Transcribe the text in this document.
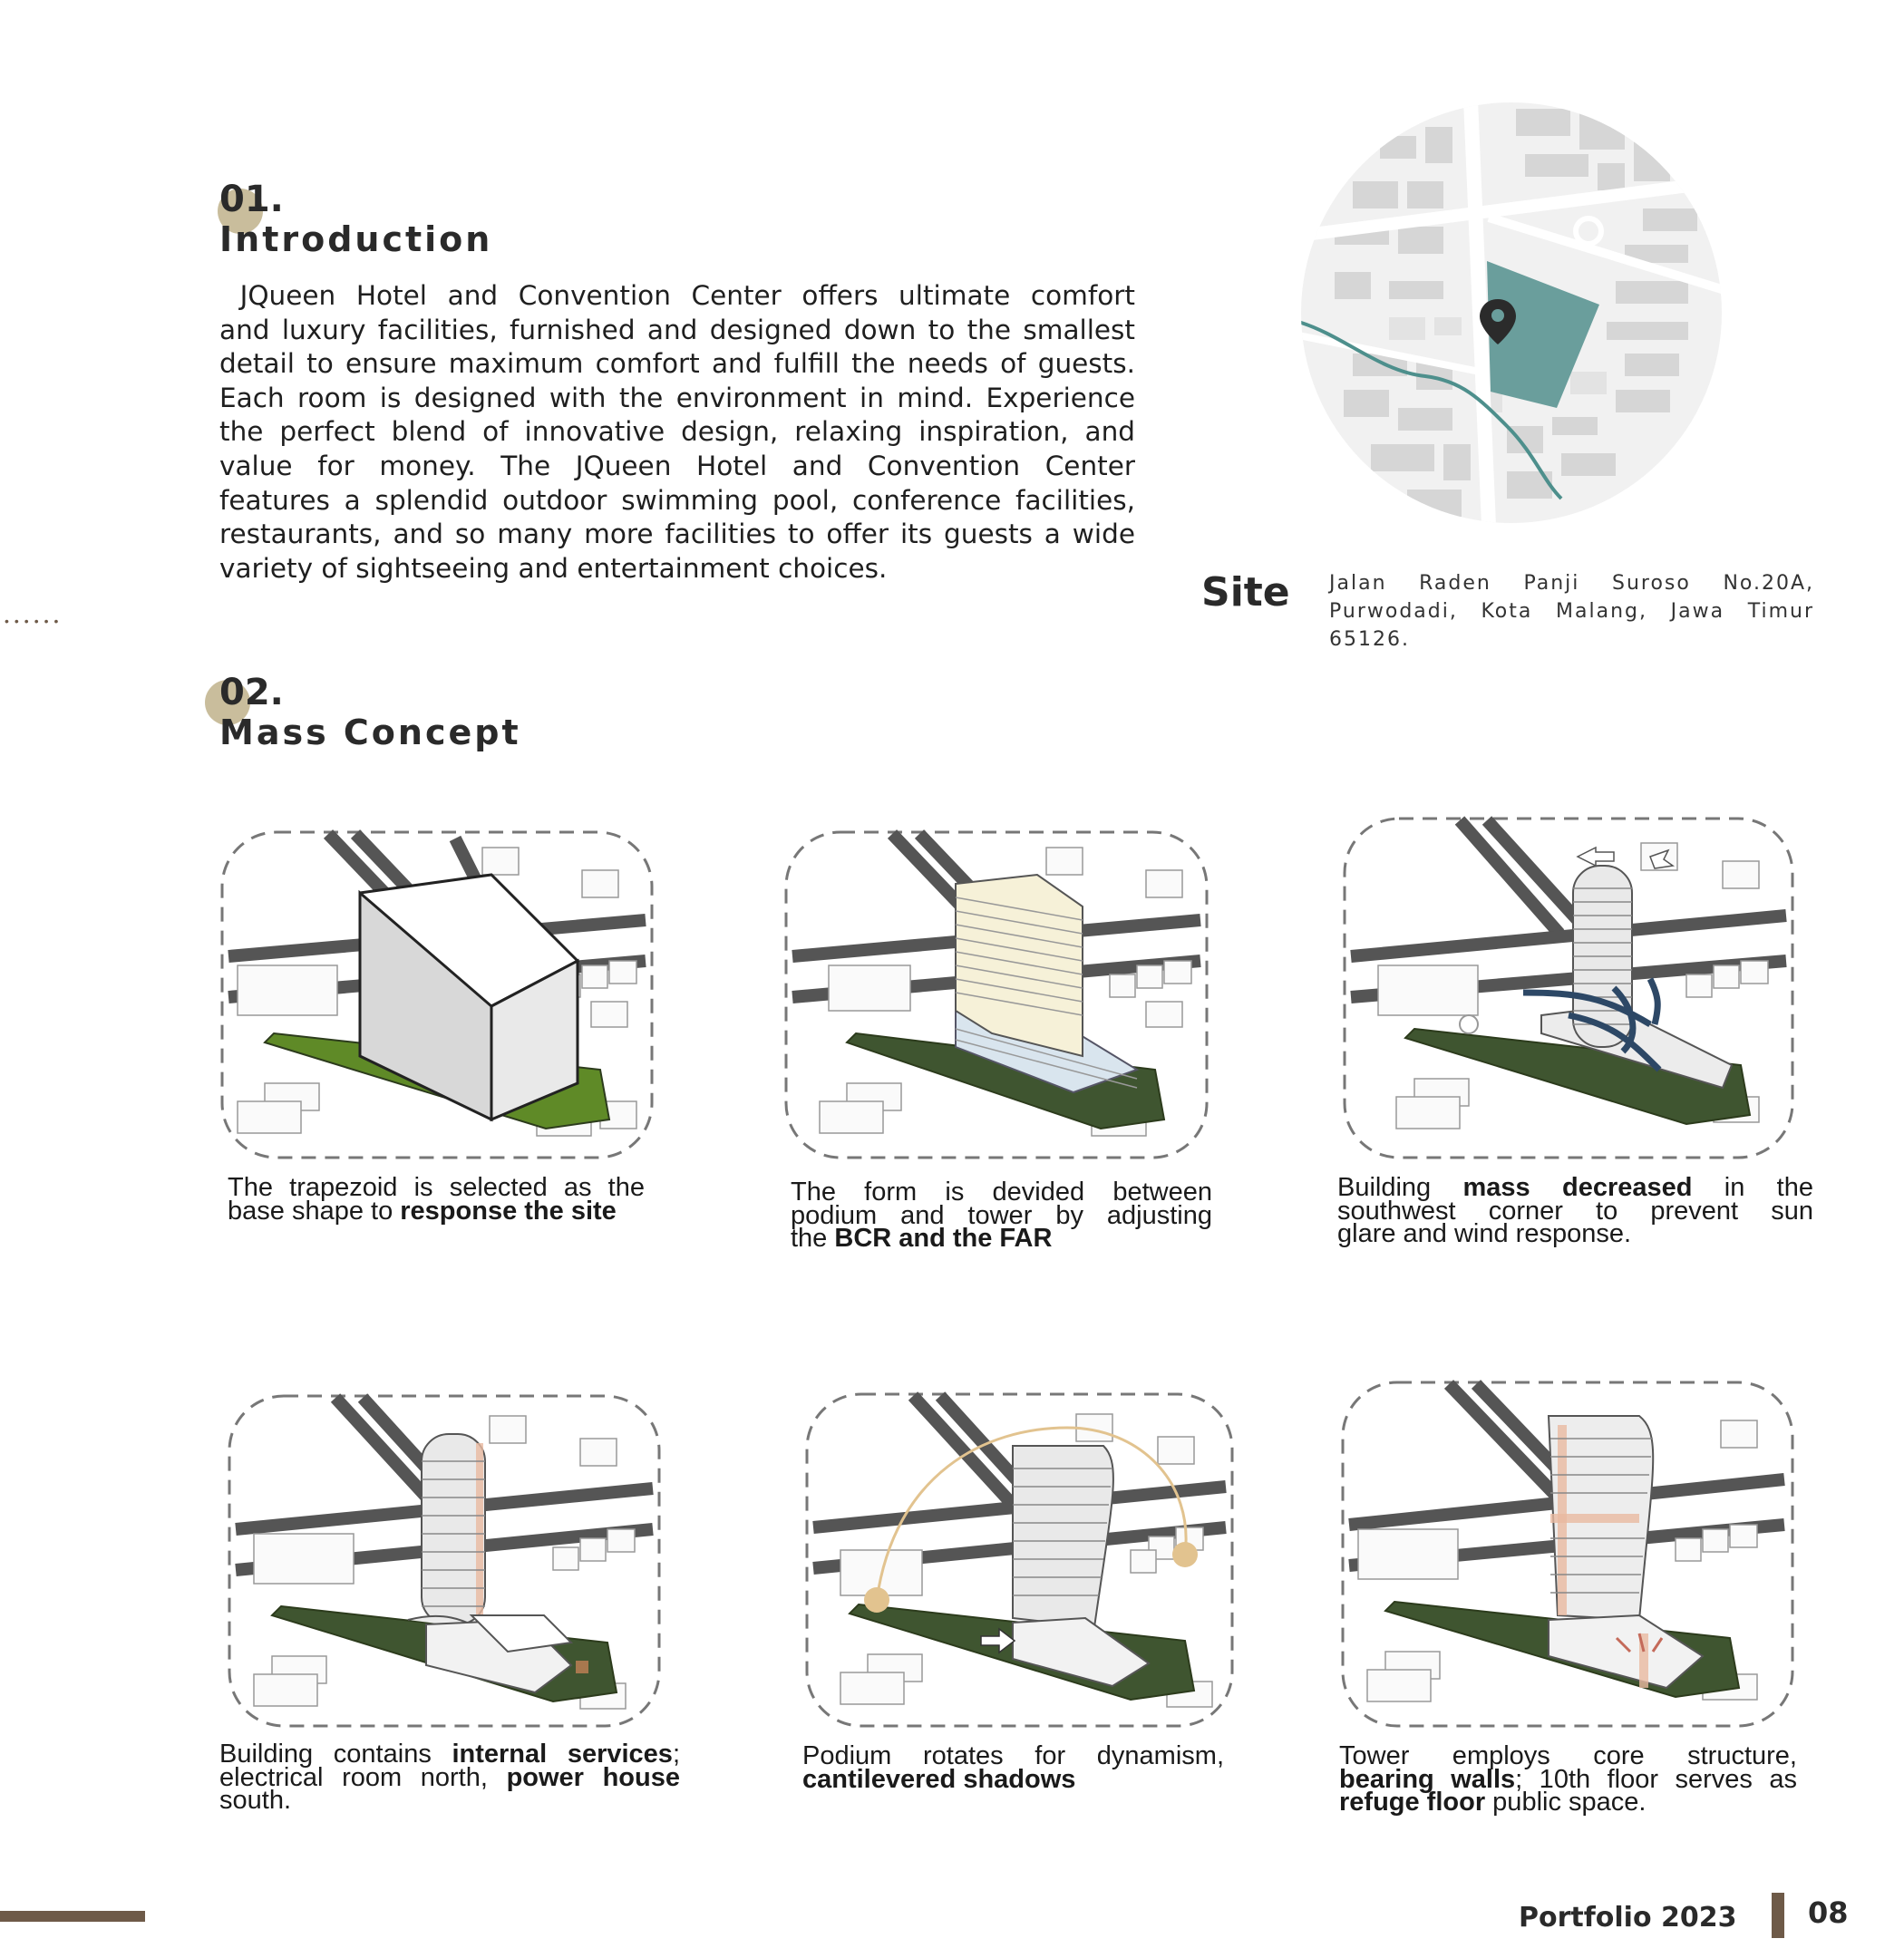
••••••
01.
Introduction
JQueen Hotel and Convention Center offers ultimate comfort
and luxury facilities, furnished and designed down to the smallest
detail to ensure maximum comfort and fulfill the needs of guests.
Each room is designed with the environment in mind. Experience
the perfect blend of innovative design, relaxing inspiration, and
value for money. The JQueen Hotel and Convention Center
features a splendid outdoor swimming pool, conference facilities,
restaurants, and so many more facilities to offer its guests a wide
variety of sightseeing and entertainment choices.
Site Jalan Raden Panji Suroso No.20A,
Purwodadi, Kota Malang, Jawa Timur 65126.
02.
Mass Concept
The trapezoid is selected as the
base shape to response the site
The form is devided between
podium and tower by adjusting
the BCR and the FAR
Building mass decreased in the
southwest corner to prevent sun
glare and wind response.
Building contains internal services;
electrical room north, power house
south.
Podium rotates for dynamism,
cantilevered shadows
Tower employs core structure,
bearing walls; 10th floor serves as
refuge floor public space.
Portfolio 2023 08
